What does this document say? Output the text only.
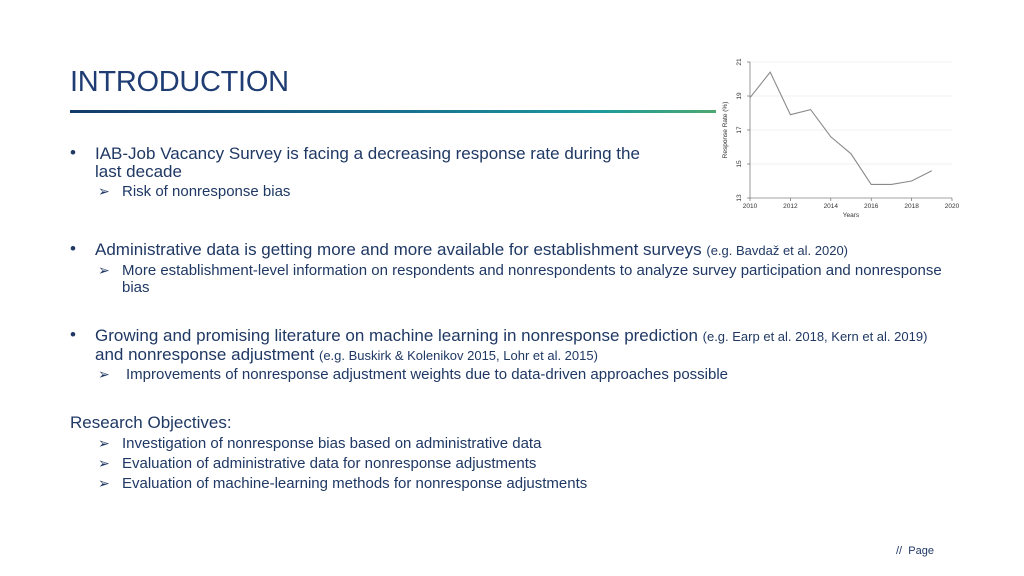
INTRODUCTION
13
15
17
19
21
2010	2012	2014	2016	2018	2020
Years
Response Rate (%)
•	IAB-Job Vacancy Survey is facing a decreasing response rate during the last decade
➢ Risk of nonresponse bias
•	Administrative data is getting more and more available for establishment surveys (e.g. Bavdaž et al. 2020)
➢ More establishment-level information on respondents and nonrespondents to analyze survey participation and nonresponse bias
•	Growing and promising literature on machine learning in nonresponse prediction (e.g. Earp et al. 2018, Kern et al. 2019) and nonresponse adjustment (e.g. Buskirk & Kolenikov 2015, Lohr et al. 2015)
➢	Improvements of nonresponse adjustment weights due to data-driven approaches possible
Research Objectives:
➢ Investigation of nonresponse bias based on administrative data
➢ Evaluation of administrative data for nonresponse adjustments
➢ Evaluation of machine-learning methods for nonresponse adjustments
// Page
